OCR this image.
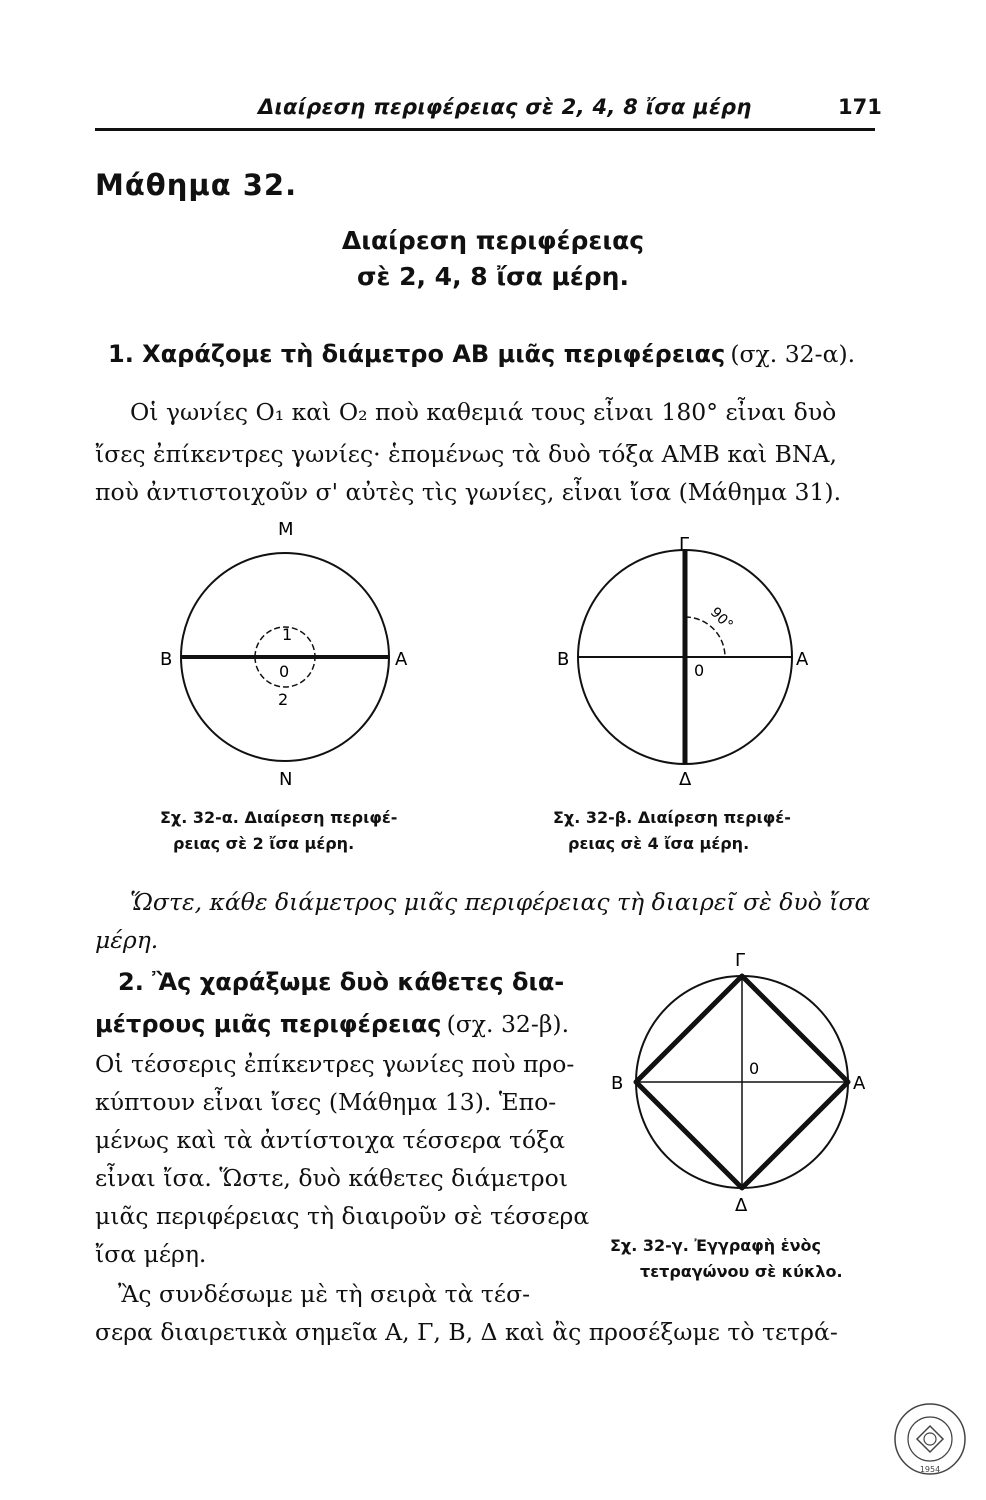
Διαίρεση περιφέρειας σὲ 2, 4, 8 ἴσα μέρη	171
Μάθημα 32.
Διαίρεση περιφέρειας
σὲ 2, 4, 8 ἴσα μέρη.
1. Χαράζομε τὴ διάμετρο ΑΒ μιᾶς περιφέρειας (σχ. 32-α).
Οἱ γωνίες O₁ καὶ O₂ ποὺ καθεμιά τους εἶναι 180° εἶναι δυὸ
ἴσες ἐπίκεντρες γωνίες· ἑπομένως τὰ δυὸ τόξα ΑΜΒ καὶ ΒΝΑ,
ποὺ ἀντιστοιχοῦν σ' αὐτὲς τὶς γωνίες, εἶναι ἴσα (Μάθημα 31).
Μ
Β	Α
Ν
0
1
2
Σχ. 32-α. Διαίρεση περιφέ-
ρειας σὲ 2 ἴσα μέρη.
Γ
Β	Α
Δ
0
90°
Σχ. 32-β. Διαίρεση περιφέ-
ρειας σὲ 4 ἴσα μέρη.
Ὥστε, κάθε διάμετρος μιᾶς περιφέρειας τὴ διαιρεῖ σὲ δυὸ ἴσα
μέρη.
2. Ἂς χαράξωμε δυὸ κάθετες δια-
μέτρους μιᾶς περιφέρειας (σχ. 32-β).
Οἱ τέσσερις ἐπίκεντρες γωνίες ποὺ προ-
κύπτουν εἶναι ἴσες (Μάθημα 13). Ἑπο-
μένως καὶ τὰ ἀντίστοιχα τέσσερα τόξα
εἶναι ἴσα. Ὥστε, δυὸ κάθετες διάμετροι
μιᾶς περιφέρειας τὴ διαιροῦν σὲ τέσσερα
ἴσα μέρη.
Ἂς συνδέσωμε μὲ τὴ σειρὰ τὰ τέσ-
σερα διαιρετικὰ σημεῖα Α, Γ, Β, Δ καὶ ἂς προσέξωμε τὸ τετρά-
Γ
Β	Α
Δ
0
Σχ. 32-γ. Ἐγγραφὴ ἑνὸς
τετραγώνου σὲ κύκλο.
1954
